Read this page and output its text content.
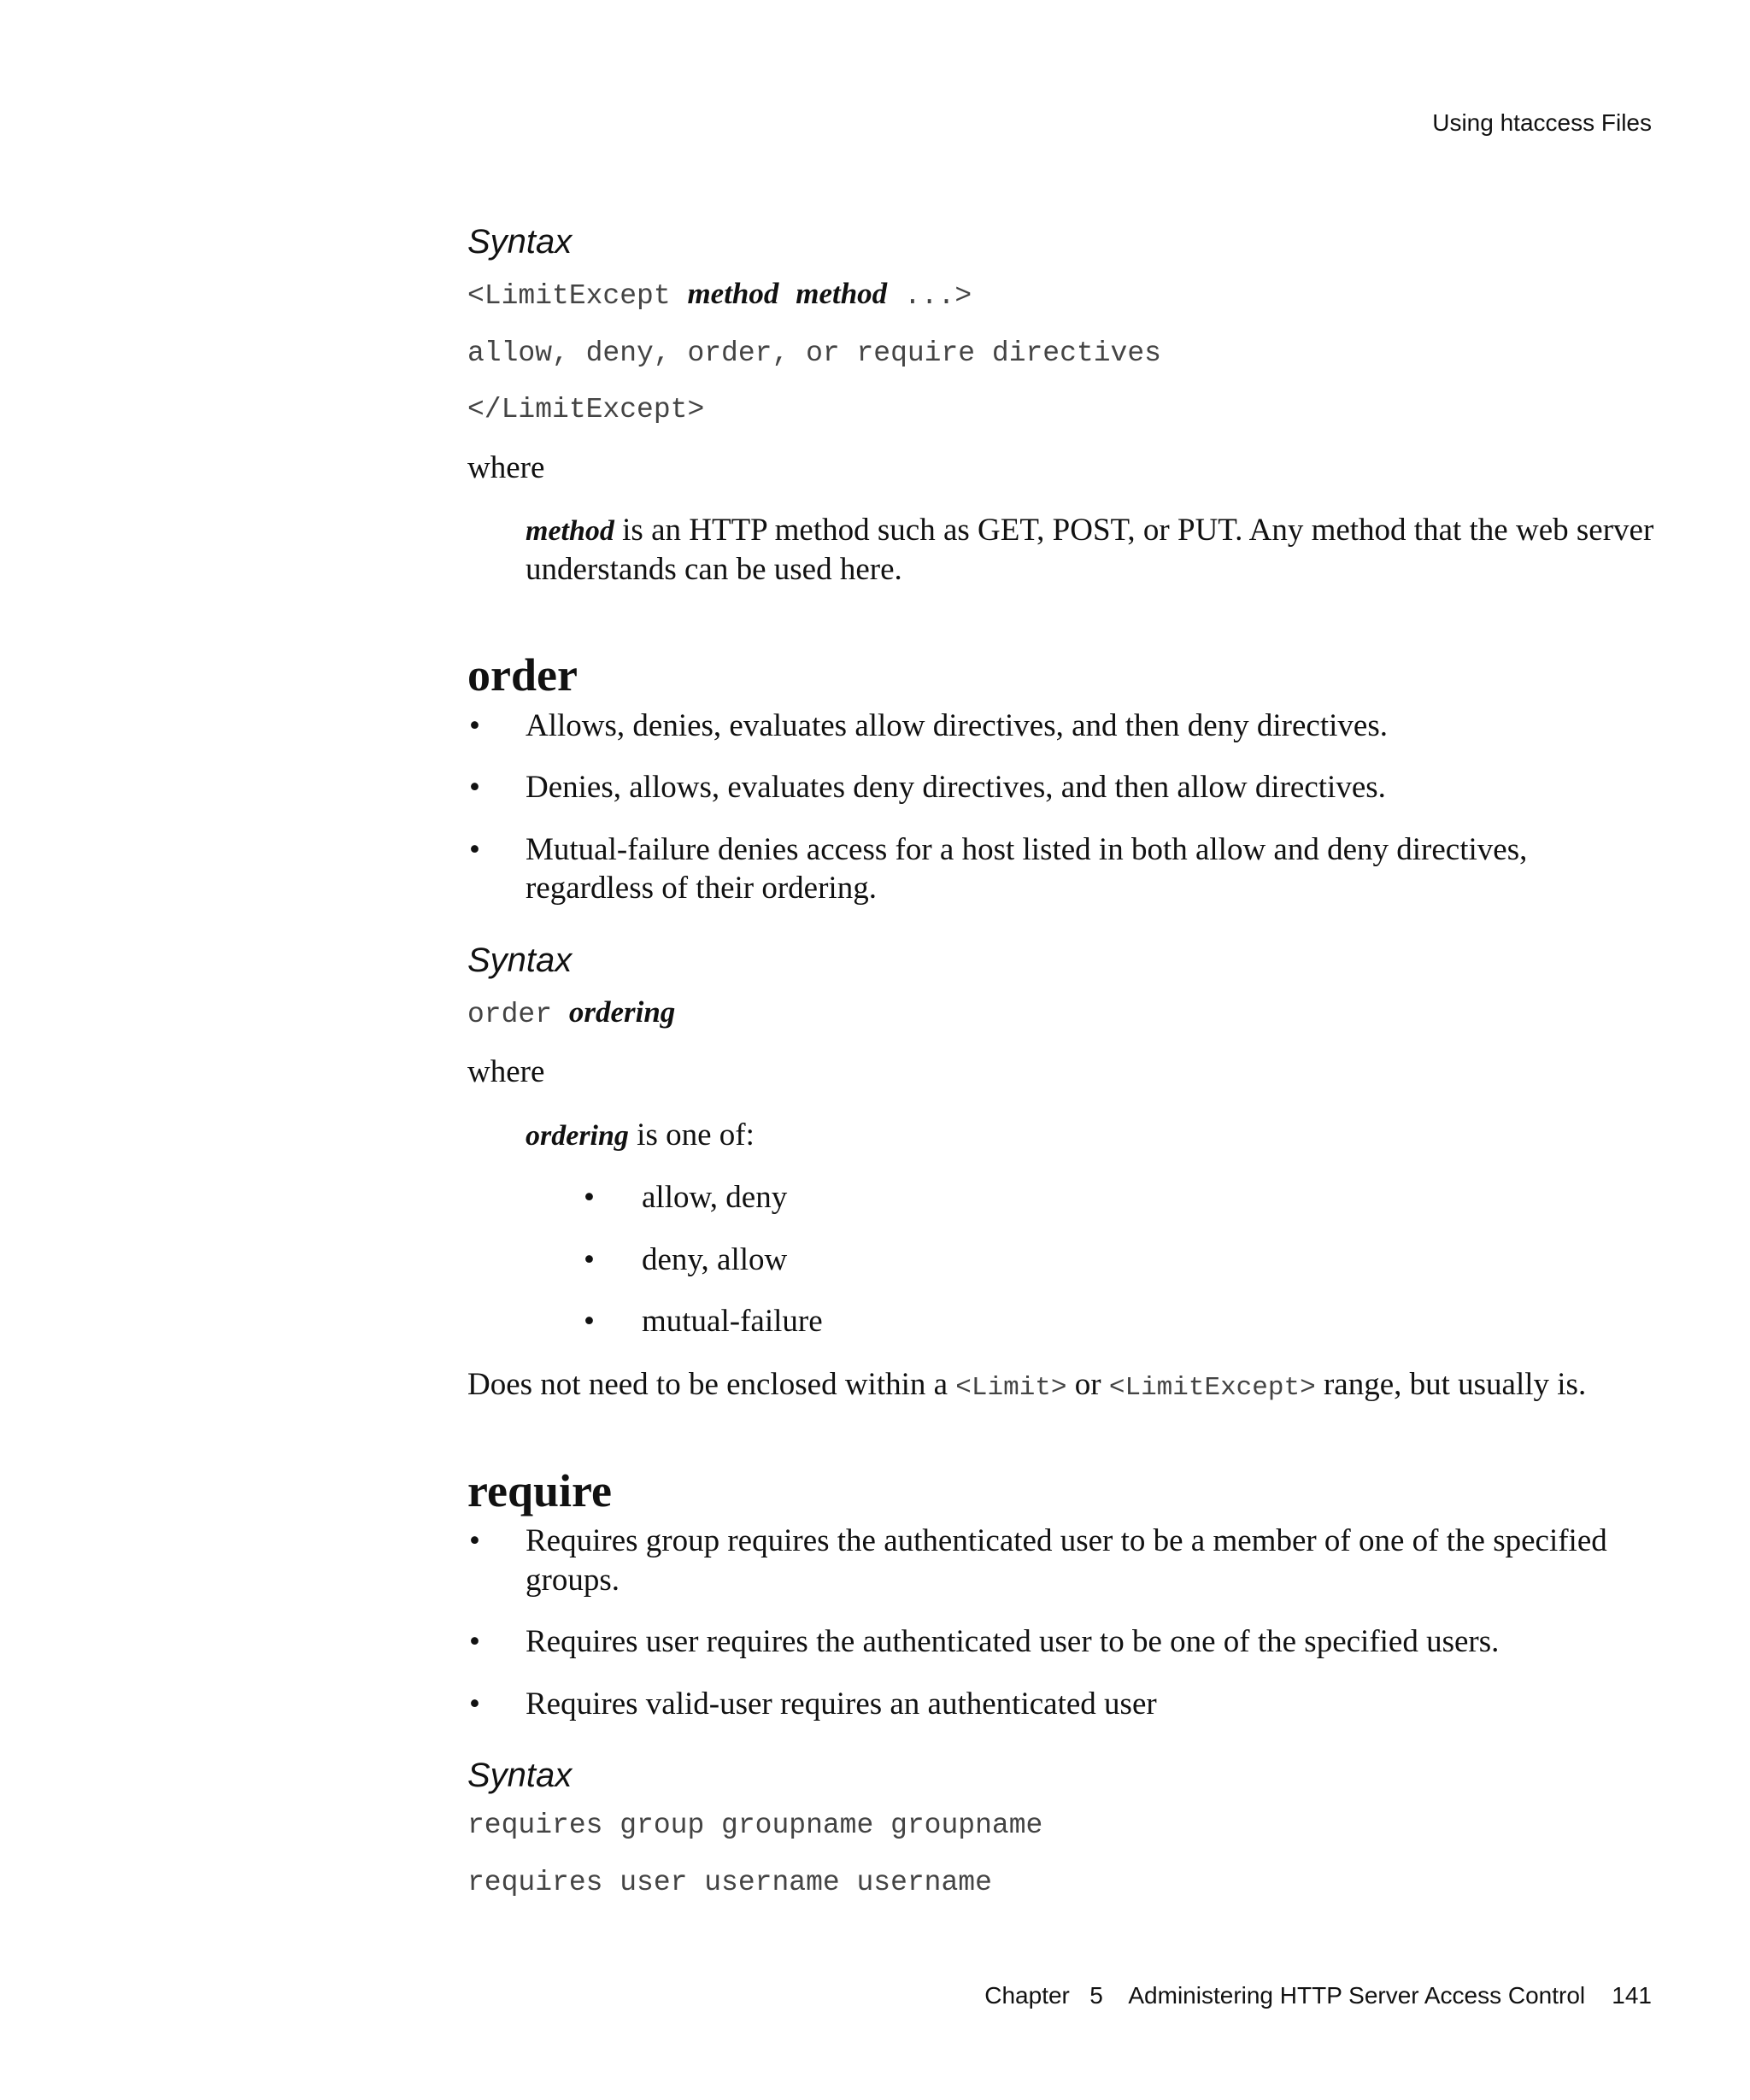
Using htaccess Files
Syntax
<LimitExcept method method ...>
allow, deny, order, or require directives
</LimitExcept>
where
method is an HTTP method such as GET, POST, or PUT. Any method that the web server understands can be used here.
order
• Allows, denies, evaluates allow directives, and then deny directives.
• Denies, allows, evaluates deny directives, and then allow directives.
• Mutual-failure denies access for a host listed in both allow and deny directives, regardless of their ordering.
Syntax
order ordering
where
ordering is one of:
• allow, deny
• deny, allow
• mutual-failure
Does not need to be enclosed within a <Limit> or <LimitExcept> range, but usually is.
require
• Requires group requires the authenticated user to be a member of one of the specified groups.
• Requires user requires the authenticated user to be one of the specified users.
• Requires valid-user requires an authenticated user
Syntax
requires group groupname groupname
requires user username username
Chapter 5 Administering HTTP Server Access Control 141
